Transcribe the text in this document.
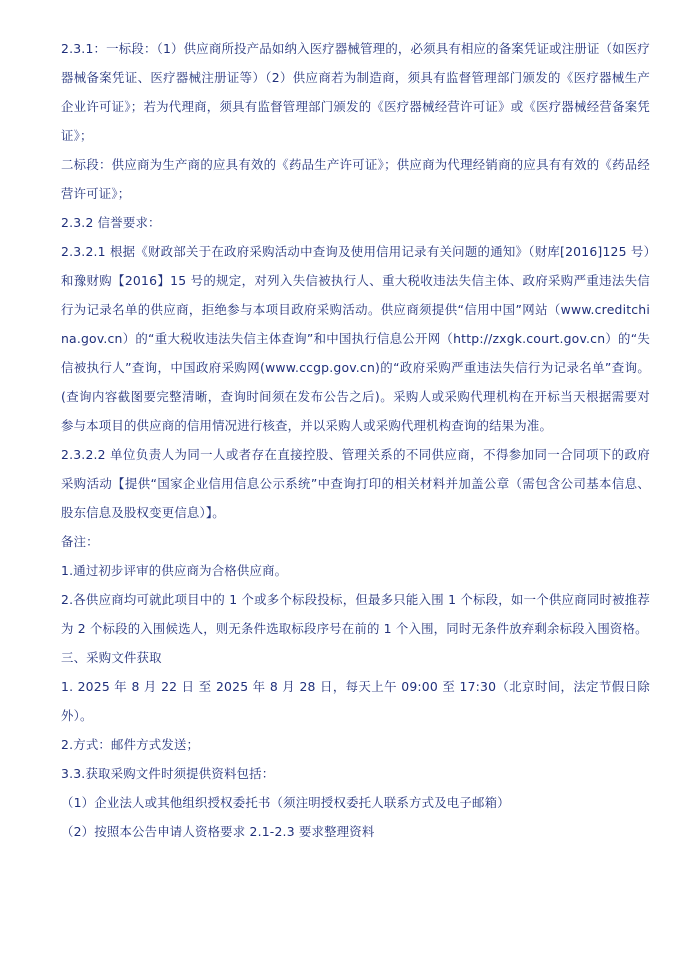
2.3.1：一标段：（1）供应商所投产品如纳入医疗器械管理的，必须具有相应的备案凭证或注册证（如医疗器械备案凭证、医疗器械注册证等）（2）供应商若为制造商，须具有监督管理部门颁发的《医疗器械生产企业许可证》；若为代理商，须具有监督管理部门颁发的《医疗器械经营许可证》或《医疗器械经营备案凭证》；

二标段：供应商为生产商的应具有效的《药品生产许可证》；供应商为代理经销商的应具有有效的《药品经营许可证》；

2.3.2 信誉要求：

2.3.2.1 根据《财政部关于在政府采购活动中查询及使用信用记录有关问题的通知》（财库[2016]125 号）和豫财购【2016】15 号的规定，对列入失信被执行人、重大税收违法失信主体、政府采购严重违法失信行为记录名单的供应商，拒绝参与本项目政府采购活动。供应商须提供“信用中国”网站（www.creditchina.gov.cn）的“重大税收违法失信主体查询”和中国执行信息公开网（http://zxgk.court.gov.cn）的“失信被执行人”查询，中国政府采购网(www.ccgp.gov.cn)的“政府采购严重违法失信行为记录名单”查询。(查询内容截图要完整清晰，查询时间须在发布公告之后)。采购人或采购代理机构在开标当天根据需要对参与本项目的供应商的信用情况进行核查，并以采购人或采购代理机构查询的结果为准。

2.3.2.2 单位负责人为同一人或者存在直接控股、管理关系的不同供应商，不得参加同一合同项下的政府采购活动【提供“国家企业信用信息公示系统”中查询打印的相关材料并加盖公章（需包含公司基本信息、股东信息及股权变更信息）】。

备注：

1.通过初步评审的供应商为合格供应商。

2.各供应商均可就此项目中的 1 个或多个标段投标，但最多只能入围 1 个标段，如一个供应商同时被推荐为 2 个标段的入围候选人，则无条件选取标段序号在前的 1 个入围，同时无条件放弃剩余标段入围资格。

三、采购文件获取

1. 2025 年 8 月 22 日 至 2025 年 8 月 28 日，每天上午 09:00 至 17:30（北京时间，法定节假日除外）。

2.方式：邮件方式发送；

3.3.获取采购文件时须提供资料包括：

（1）企业法人或其他组织授权委托书（须注明授权委托人联系方式及电子邮箱）

（2）按照本公告申请人资格要求 2.1-2.3 要求整理资料
